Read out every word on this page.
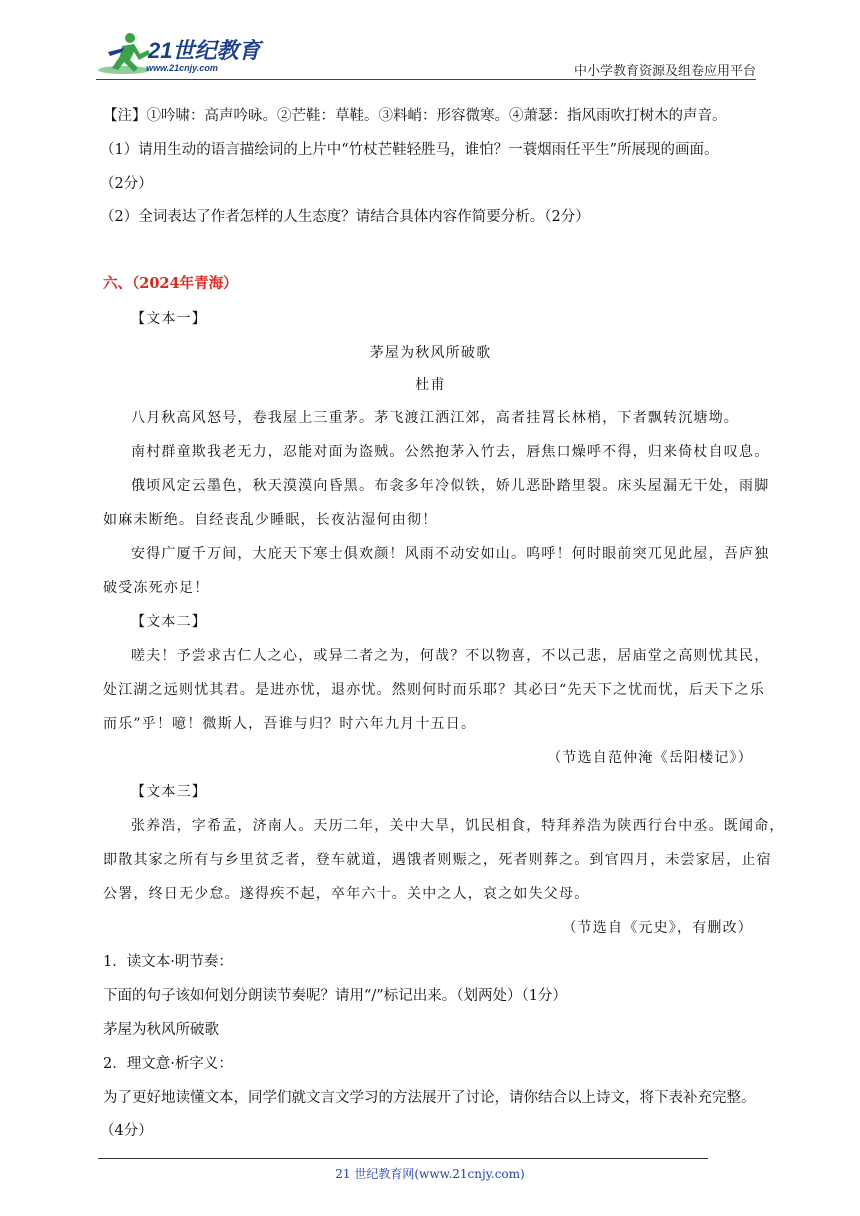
21世纪教育
www.21cnjy.com	中小学教育资源及组卷应用平台
【注】①吟啸：高声吟咏。②芒鞋：草鞋。③料峭：形容微寒。④萧瑟：指风雨吹打树木的声音。
（1）请用生动的语言描绘词的上片中“竹杖芒鞋轻胜马，谁怕？一蓑烟雨任平生”所展现的画面。
（2分）
（2）全词表达了作者怎样的人生态度？请结合具体内容作简要分析。（2分）
六、（2024年青海）
【文本一】
茅屋为秋风所破歌
杜甫
八月秋高风怒号，卷我屋上三重茅。茅飞渡江洒江郊，高者挂罥长林梢，下者飘转沉塘坳。
南村群童欺我老无力，忍能对面为盗贼。公然抱茅入竹去，唇焦口燥呼不得，归来倚杖自叹息。
俄顷风定云墨色，秋天漠漠向昏黑。布衾多年冷似铁，娇儿恶卧踏里裂。床头屋漏无干处，雨脚
如麻未断绝。自经丧乱少睡眠，长夜沾湿何由彻！
安得广厦千万间，大庇天下寒士俱欢颜！风雨不动安如山。呜呼！何时眼前突兀见此屋，吾庐独
破受冻死亦足！
【文本二】
嗟夫！予尝求古仁人之心，或异二者之为，何哉？不以物喜，不以己悲，居庙堂之高则忧其民，
处江湖之远则忧其君。是进亦忧，退亦忧。然则何时而乐耶？其必曰“先天下之忧而忧，后天下之乐
而乐”乎！噫！微斯人，吾谁与归？时六年九月十五日。
（节选自范仲淹《岳阳楼记》）
【文本三】
张养浩，字希孟，济南人。天历二年，关中大旱，饥民相食，特拜养浩为陕西行台中丞。既闻命，
即散其家之所有与乡里贫乏者，登车就道，遇饿者则赈之，死者则葬之。到官四月，未尝家居，止宿
公署，终日无少怠。遂得疾不起，卒年六十。关中之人，哀之如失父母。
（节选自《元史》，有删改）
1．读文本·明节奏：
下面的句子该如何划分朗读节奏呢？请用“/”标记出来。（划两处）（1分）
茅屋为秋风所破歌
2．理文意·析字义：
为了更好地读懂文本，同学们就文言文学习的方法展开了讨论，请你结合以上诗文，将下表补充完整。
（4分）
21 世纪教育网(www.21cnjy.com)
